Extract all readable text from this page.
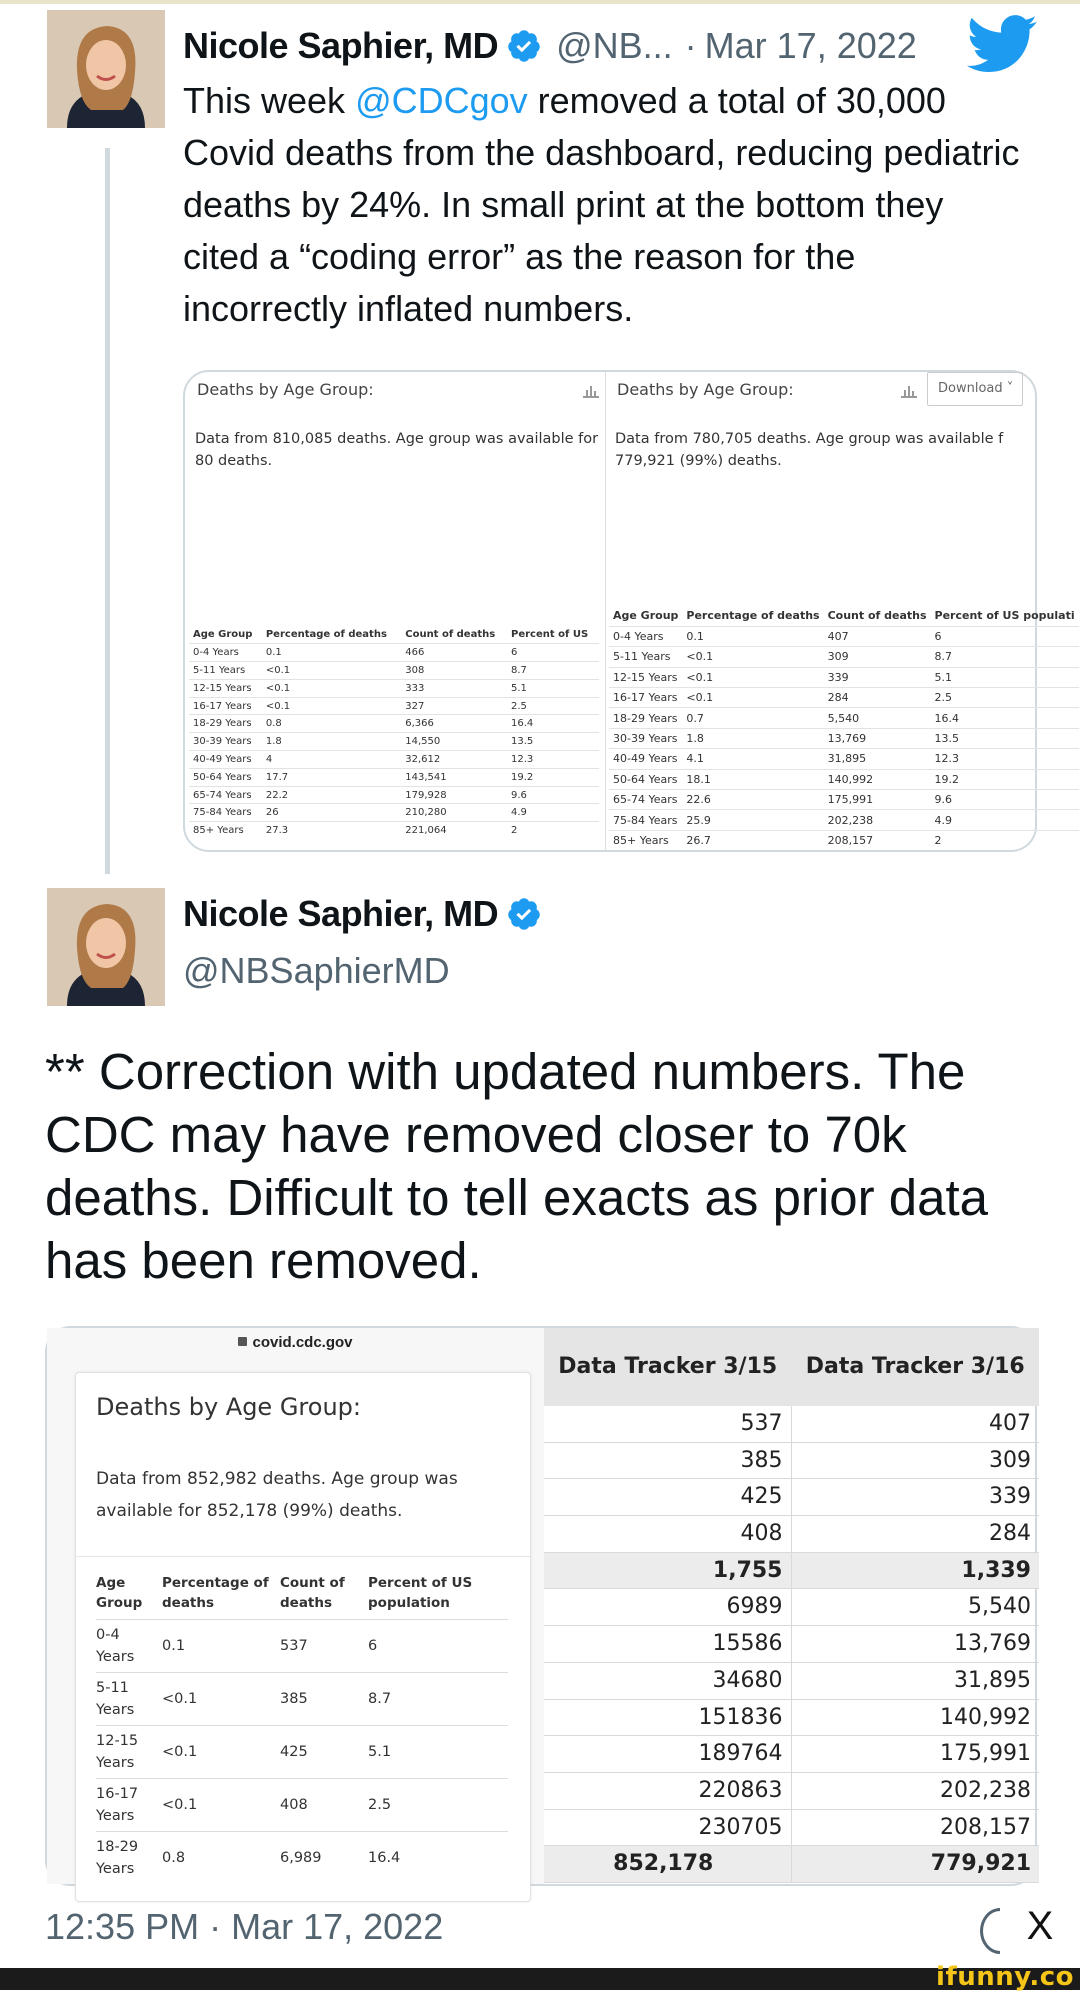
Nicole Saphier, MD @NB... · Mar 17, 2022
This week @CDCgov removed a total of 30,000 Covid deaths from the dashboard, reducing pediatric deaths by 24%. In small print at the bottom they cited a “coding error” as the reason for the incorrectly inflated numbers.
Deaths by Age Group:
Data from 810,085 deaths. Age group was available for 80 deaths.
Age Group	Percentage of deaths	Count of deaths	Percent of US
0-4 Years	0.1	466	6
5-11 Years	<0.1	308	8.7
12-15 Years	<0.1	333	5.1
16-17 Years	<0.1	327	2.5
18-29 Years	0.8	6,366	16.4
30-39 Years	1.8	14,550	13.5
40-49 Years	4	32,612	12.3
50-64 Years	17.7	143,541	19.2
65-74 Years	22.2	179,928	9.6
75-84 Years	26	210,280	4.9
85+ Years	27.3	221,064	2
Deaths by Age Group:	Download ˅
Data from 780,705 deaths. Age group was available f 779,921 (99%) deaths.
Age Group	Percentage of deaths	Count of deaths	Percent of US populati
0-4 Years	0.1	407	6
5-11 Years	<0.1	309	8.7
12-15 Years	<0.1	339	5.1
16-17 Years	<0.1	284	2.5
18-29 Years	0.7	5,540	16.4
30-39 Years	1.8	13,769	13.5
40-49 Years	4.1	31,895	12.3
50-64 Years	18.1	140,992	19.2
65-74 Years	22.6	175,991	9.6
75-84 Years	25.9	202,238	4.9
85+ Years	26.7	208,157	2
Nicole Saphier, MD
@NBSaphierMD
** Correction with updated numbers. The CDC may have removed closer to 70k deaths. Difficult to tell exacts as prior data has been removed.
covid.cdc.gov
Deaths by Age Group:
Data from 852,982 deaths. Age group was available for 852,178 (99%) deaths.
Age Group	Percentage of deaths	Count of deaths	Percent of US population
0-4 Years	0.1	537	6
5-11 Years	<0.1	385	8.7
12-15 Years	<0.1	425	5.1
16-17 Years	<0.1	408	2.5
18-29 Years	0.8	6,989	16.4
Data Tracker 3/15	Data Tracker 3/16
537	407
385	309
425	339
408	284
1,755	1,339
6989	5,540
15586	13,769
34680	31,895
151836	140,992
189764	175,991
220863	202,238
230705	208,157
852,178	779,921
12:35 PM · Mar 17, 2022	X
ifunny.co
